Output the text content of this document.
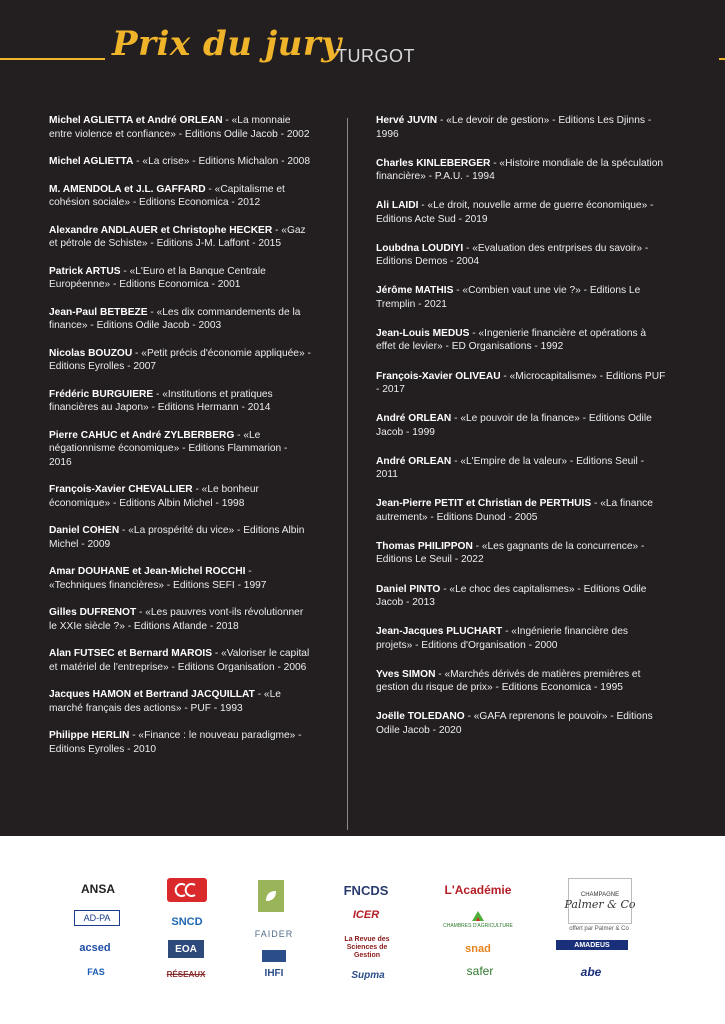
Prix du jury
TURGOT
Michel AGLIETTA et André ORLEAN - «La monnaie entre violence et confiance» - Editions Odile Jacob - 2002
Michel AGLIETTA - «La crise» - Editions Michalon - 2008
M. AMENDOLA et J.L. GAFFARD - «Capitalisme et cohésion sociale» - Editions Economica - 2012
Alexandre ANDLAUER et Christophe HECKER - «Gaz et pétrole de Schiste» - Editions J-M. Laffont - 2015
Patrick ARTUS - «L'Euro et la Banque Centrale Européenne» - Editions Economica - 2001
Jean-Paul BETBEZE - «Les dix commandements de la finance» - Editions Odile Jacob - 2003
Nicolas BOUZOU - «Petit précis d'économie appliquée» - Editions Eyrolles - 2007
Frédéric BURGUIERE - «Institutions et pratiques financières au Japon» - Editions Hermann - 2014
Pierre CAHUC et André ZYLBERBERG - «Le négationnisme économique» - Editions Flammarion - 2016
François-Xavier CHEVALLIER - «Le bonheur économique» - Editions Albin Michel - 1998
Daniel COHEN - «La prospérité du vice» - Editions Albin Michel - 2009
Amar DOUHANE et Jean-Michel ROCCHI - «Techniques financières» - Editions SEFI - 1997
Gilles DUFRENOT - «Les pauvres vont-ils révolutionner le XXIe siècle ?» - Editions Atlande - 2018
Alan FUTSEC et Bernard MAROIS - «Valoriser le capital et matériel de l'entreprise» - Editions Organisation - 2006
Jacques HAMON et Bertrand JACQUILLAT - «Le marché français des actions» - PUF - 1993
Philippe HERLIN - «Finance : le nouveau paradigme» - Editions Eyrolles - 2010
Hervé JUVIN - «Le devoir de gestion» - Editions Les Djinns - 1996
Charles KINLEBERGER - «Histoire mondiale de la spéculation financière» - P.A.U. - 1994
Ali LAIDI - «Le droit, nouvelle arme de guerre économique» - Editions Acte Sud - 2019
Loubdna LOUDIYI - «Evaluation des entrprises du savoir» - Editions Demos - 2004
Jérôme MATHIS - «Combien vaut une vie ?» - Editions Le Tremplin - 2021
Jean-Louis MEDUS - «Ingenierie financière et opérations à effet de levier» - ED Organisations - 1992
François-Xavier OLIVEAU - «Microcapitalisme» - Editions PUF - 2017
André ORLEAN - «Le pouvoir de la finance» - Editions Odile Jacob - 1999
André ORLEAN - «L'Empire de la valeur» - Editions Seuil - 2011
Jean-Pierre PETIT et Christian de PERTHUIS - «La finance autrement» - Editions Dunod - 2005
Thomas PHILIPPON - «Les gagnants de la concurrence» - Editions Le Seuil - 2022
Daniel PINTO - «Le choc des capitalismes» - Editions Odile Jacob - 2013
Jean-Jacques PLUCHART - «Ingénierie financière des projets» - Editions d'Organisation - 2000
Yves SIMON - «Marchés dérivés de matières premières et gestion du risque de prix» - Editions Economica - 1995
Joëlle TOLEDANO - «GAFA reprenons le pouvoir» - Editions Odile Jacob - 2020
ANSA
AD-PA
acsed
FAS
SNCD
EOA
RÉSEAUX
FAIDER
IHFI
FNCDS
ICER
La Revue des Sciences de Gestion
Supma
L'Académie
CHAMBRES D'AGRICULTURE
snad
safer
CHAMPAGNE
Palmer & Co
offert par Palmer & Co
AMADEUS
abe
